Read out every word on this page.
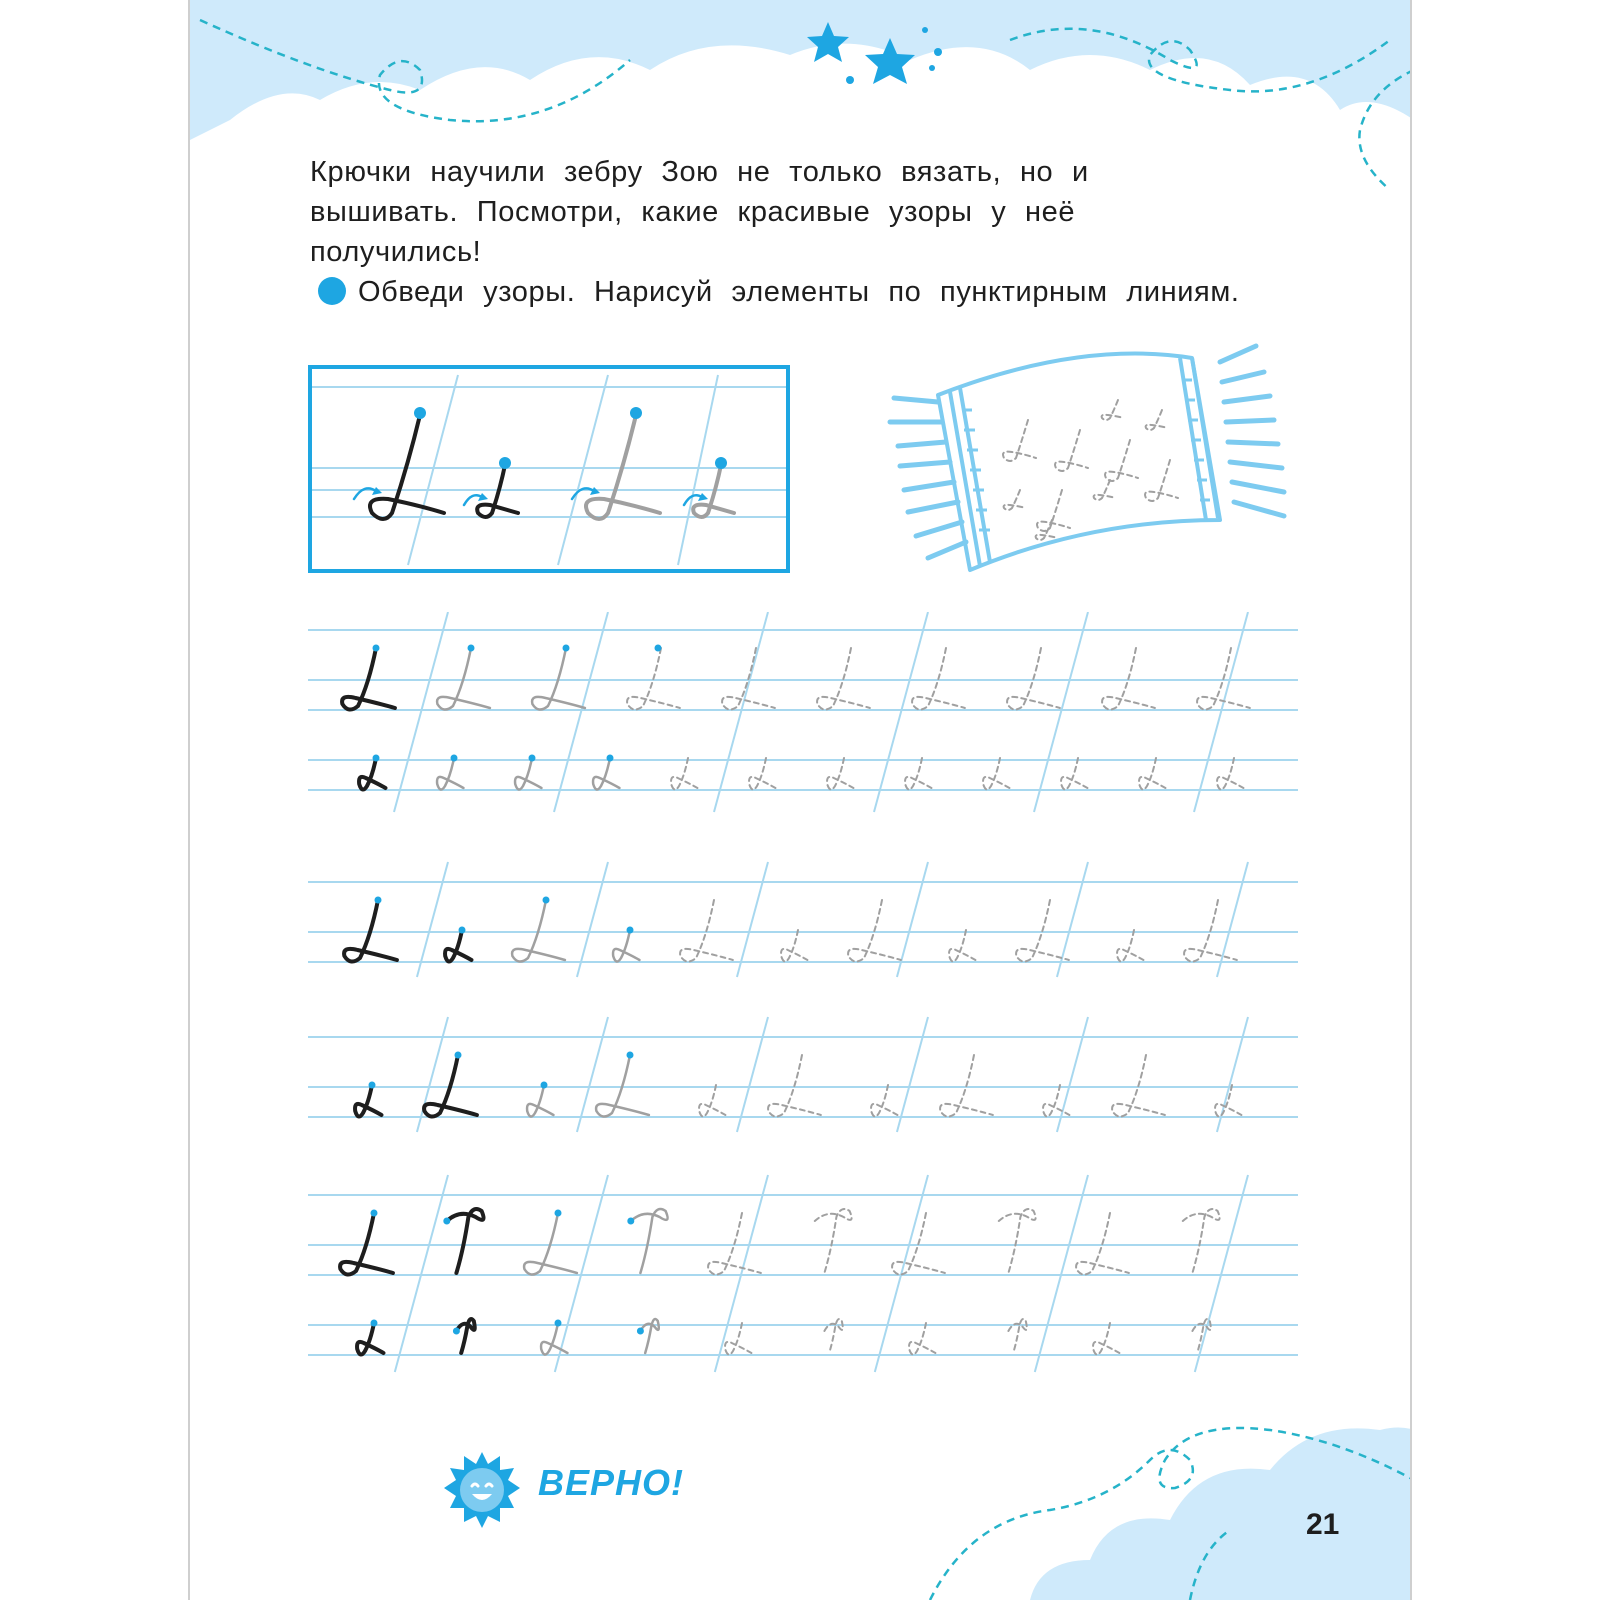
Крючки научили зебру Зою не только вязать, но и вышивать. Посмотри, какие красивые узоры у неё получились!

Обведи узоры. Нарисуй элементы по пунктирным линиям.

ВЕРНО!
21
